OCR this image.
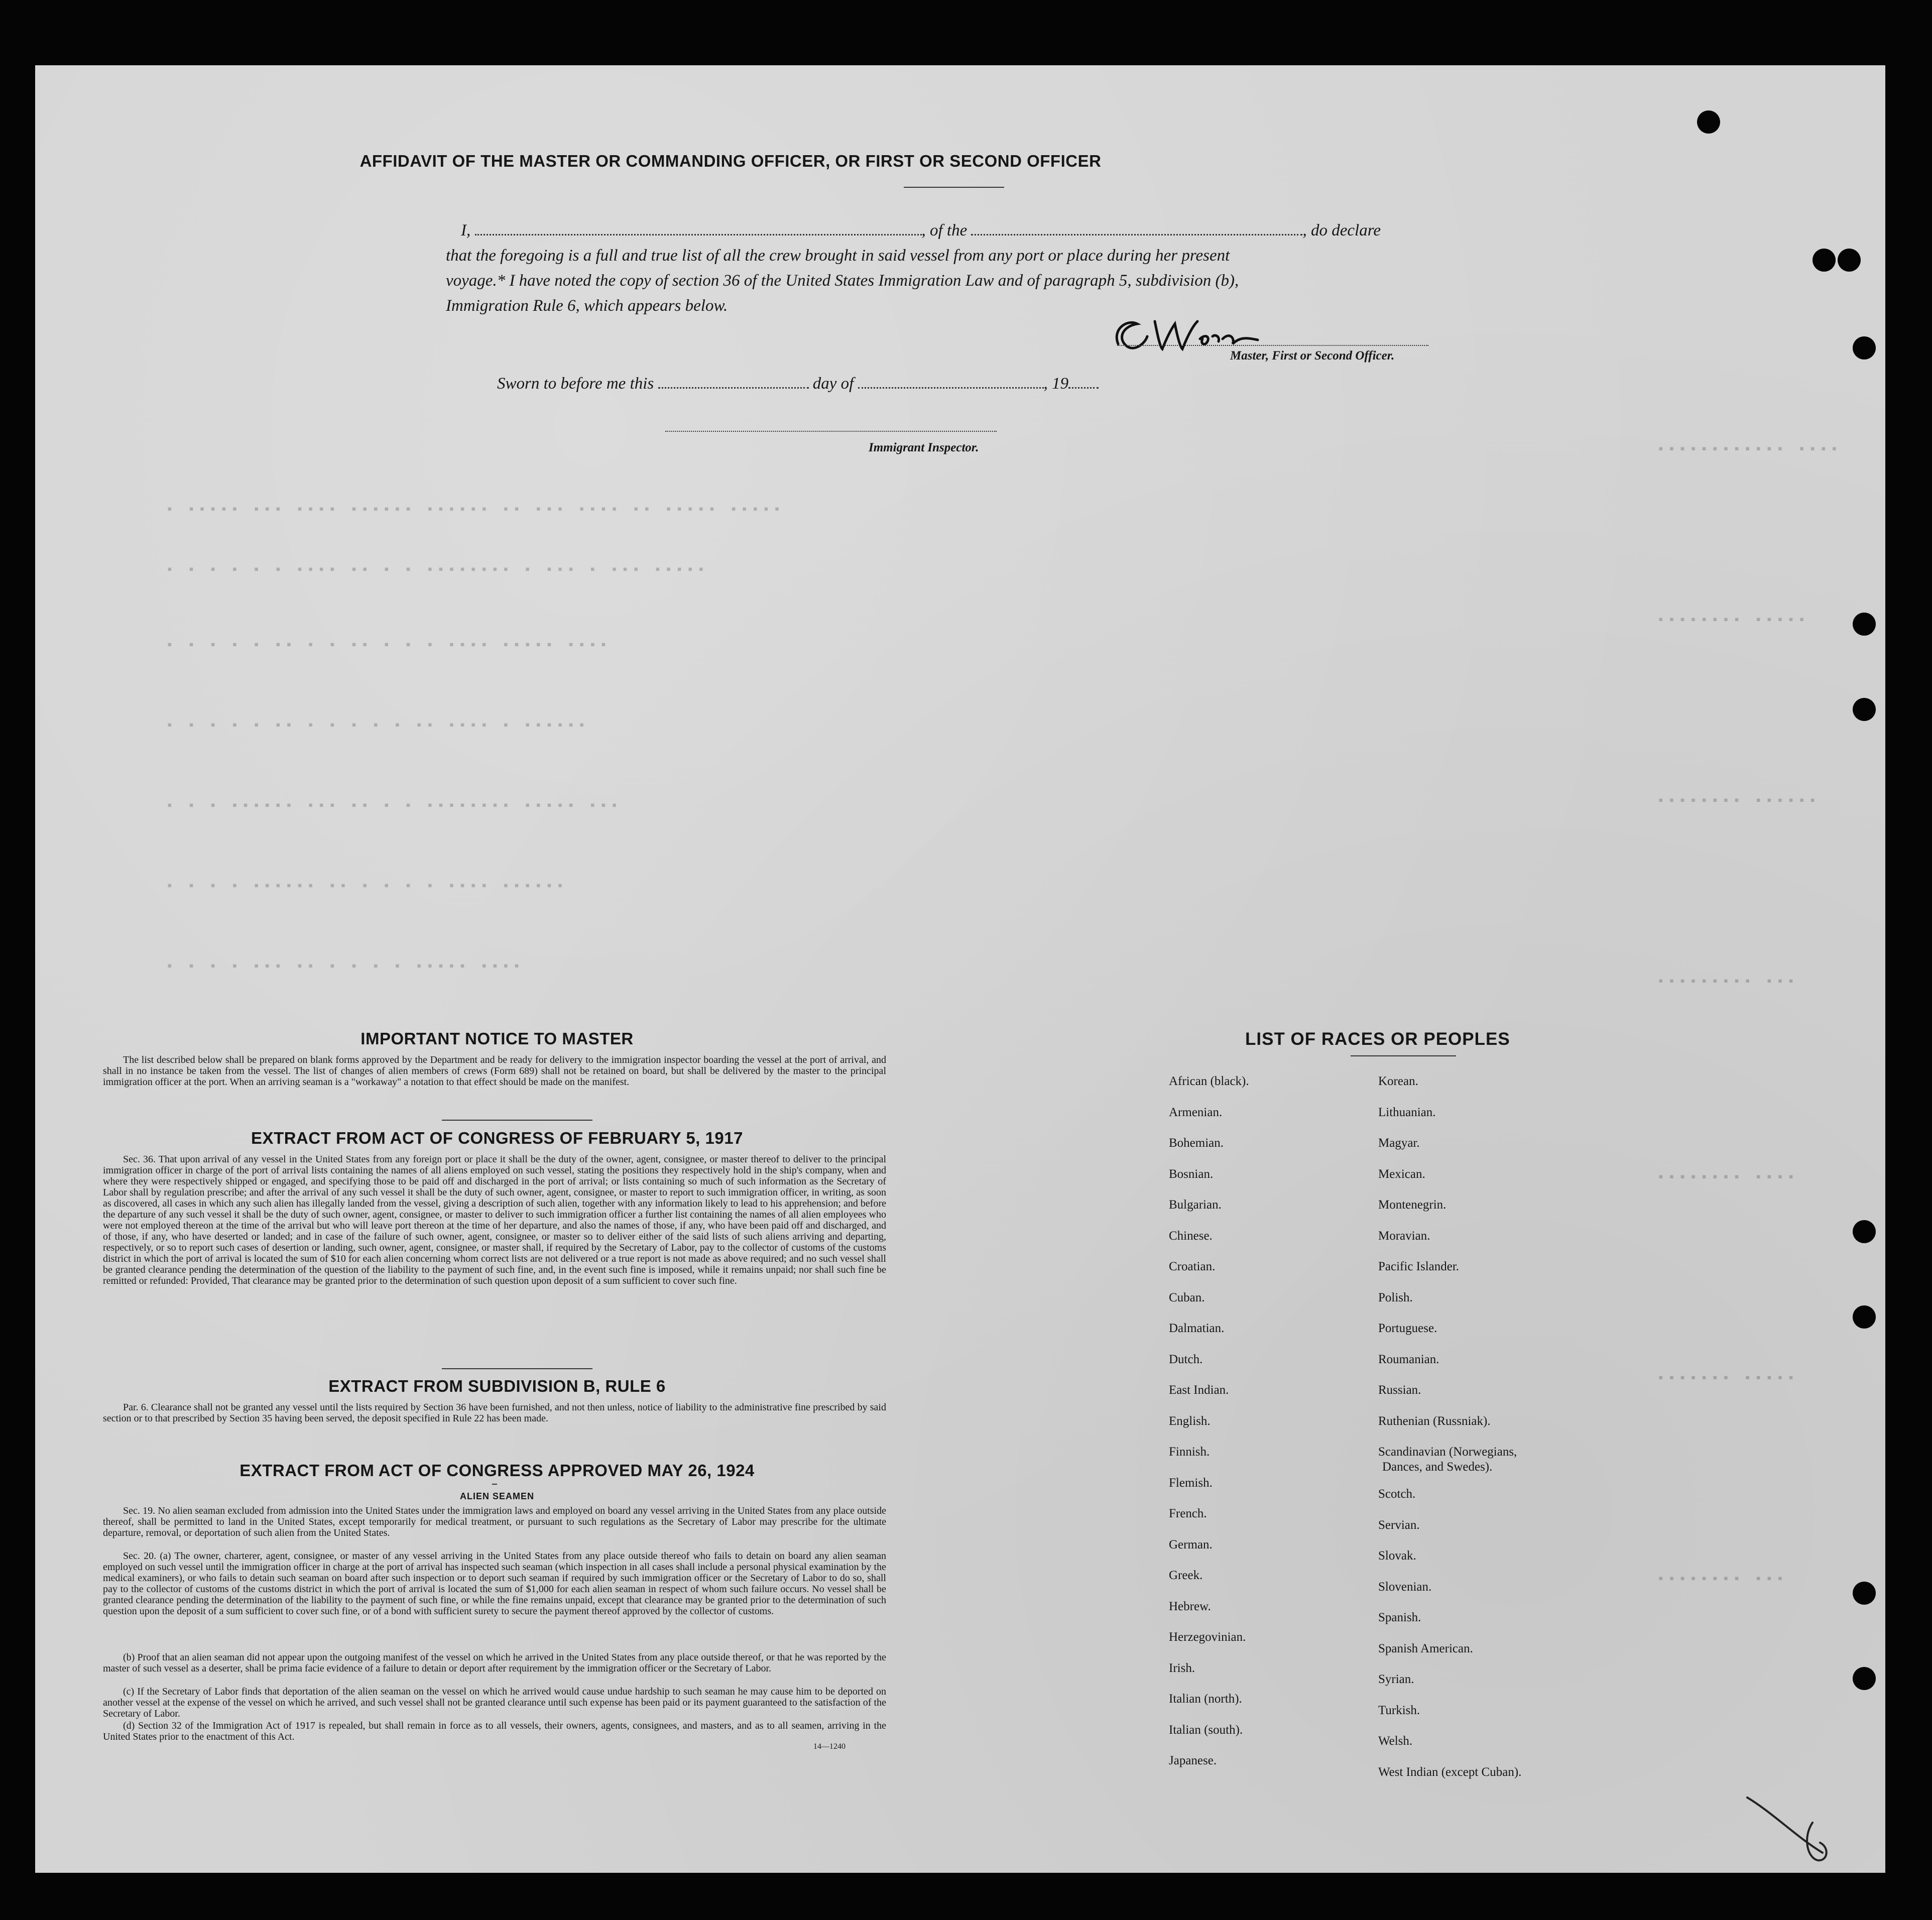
▪ ▪▪▪▪▪ ▪▪▪ ▪▪▪▪ ▪▪▪▪▪▪ ▪▪▪▪▪▪ ▪▪ ▪▪▪ ▪▪▪▪ ▪▪ ▪▪▪▪▪ ▪▪▪▪▪
▪ ▪ ▪ ▪ ▪ ▪ ▪▪▪▪ ▪▪ ▪ ▪ ▪▪▪▪▪▪▪▪ ▪ ▪▪▪ ▪ ▪▪▪ ▪▪▪▪▪
▪ ▪ ▪ ▪ ▪ ▪▪ ▪ ▪ ▪▪ ▪ ▪ ▪ ▪▪▪▪ ▪▪▪▪▪ ▪▪▪▪
▪ ▪ ▪ ▪ ▪ ▪▪ ▪ ▪ ▪ ▪ ▪ ▪▪ ▪▪▪▪ ▪ ▪▪▪▪▪▪
▪ ▪ ▪ ▪▪▪▪▪▪ ▪▪▪ ▪▪ ▪ ▪ ▪▪▪▪▪▪▪▪ ▪▪▪▪▪ ▪▪▪
▪ ▪ ▪ ▪ ▪▪▪▪▪▪ ▪▪ ▪ ▪ ▪ ▪ ▪▪▪▪ ▪▪▪▪▪▪
▪ ▪ ▪ ▪ ▪▪▪ ▪▪ ▪ ▪ ▪ ▪ ▪▪▪▪▪ ▪▪▪▪
▪▪▪▪▪▪▪▪▪▪▪▪ ▪▪▪▪
▪▪▪▪▪▪▪▪ ▪▪▪▪▪
▪▪▪▪▪▪▪▪ ▪▪▪▪▪▪
▪▪▪▪▪▪▪▪▪ ▪▪▪
▪▪▪▪▪▪▪▪ ▪▪▪▪
▪▪▪▪▪▪▪ ▪▪▪▪▪
▪▪▪▪▪▪▪▪ ▪▪▪
AFFIDAVIT OF THE MASTER OR COMMANDING OFFICER, OR FIRST OR SECOND OFFICER
I,	, of the	, do declare
that the foregoing is a full and true list of all the crew brought in said vessel from any port or place during her present
voyage.* I have noted the copy of section 36 of the United States Immigration Law and of paragraph 5, subdivision (b),
Immigration Rule 6, which appears below.
Master, First or Second Officer.
Sworn to before me this	day of	, 19
Immigrant Inspector.
IMPORTANT NOTICE TO MASTER
The list described below shall be prepared on blank forms approved by the Department and be ready for delivery to the immigration inspector boarding the vessel at the port of arrival, and shall in no instance be taken from the vessel. The list of changes of alien members of crews (Form 689) shall not be retained on board, but shall be delivered by the master to the principal immigration officer at the port. When an arriving seaman is a "workaway" a notation to that effect should be made on the manifest.
EXTRACT FROM ACT OF CONGRESS OF FEBRUARY 5, 1917
Sec. 36. That upon arrival of any vessel in the United States from any foreign port or place it shall be the duty of the owner, agent, consignee, or master thereof to deliver to the principal immigration officer in charge of the port of arrival lists containing the names of all aliens employed on such vessel, stating the positions they respectively hold in the ship's company, when and where they were respectively shipped or engaged, and specifying those to be paid off and discharged in the port of arrival; or lists containing so much of such information as the Secretary of Labor shall by regulation prescribe; and after the arrival of any such vessel it shall be the duty of such owner, agent, consignee, or master to report to such immigration officer, in writing, as soon as discovered, all cases in which any such alien has illegally landed from the vessel, giving a description of such alien, together with any information likely to lead to his apprehension; and before the departure of any such vessel it shall be the duty of such owner, agent, consignee, or master to deliver to such immigration officer a further list containing the names of all alien employees who were not employed thereon at the time of the arrival but who will leave port thereon at the time of her departure, and also the names of those, if any, who have been paid off and discharged, and of those, if any, who have deserted or landed; and in case of the failure of such owner, agent, consignee, or master so to deliver either of the said lists of such aliens arriving and departing, respectively, or so to report such cases of desertion or landing, such owner, agent, consignee, or master shall, if required by the Secretary of Labor, pay to the collector of customs of the customs district in which the port of arrival is located the sum of $10 for each alien concerning whom correct lists are not delivered or a true report is not made as above required; and no such vessel shall be granted clearance pending the determination of the question of the liability to the payment of such fine, and, in the event such fine is imposed, while it remains unpaid; nor shall such fine be remitted or refunded: Provided, That clearance may be granted prior to the determination of such question upon deposit of a sum sufficient to cover such fine.
EXTRACT FROM SUBDIVISION B, RULE 6
Par. 6. Clearance shall not be granted any vessel until the lists required by Section 36 have been furnished, and not then unless, notice of liability to the administrative fine prescribed by said section or to that prescribed by Section 35 having been served, the deposit specified in Rule 22 has been made.
EXTRACT FROM ACT OF CONGRESS APPROVED MAY 26, 1924
ALIEN SEAMEN
Sec. 19. No alien seaman excluded from admission into the United States under the immigration laws and employed on board any vessel arriving in the United States from any place outside thereof, shall be permitted to land in the United States, except temporarily for medical treatment, or pursuant to such regulations as the Secretary of Labor may prescribe for the ultimate departure, removal, or deportation of such alien from the United States.
Sec. 20. (a) The owner, charterer, agent, consignee, or master of any vessel arriving in the United States from any place outside thereof who fails to detain on board any alien seaman employed on such vessel until the immigration officer in charge at the port of arrival has inspected such seaman (which inspection in all cases shall include a personal physical examination by the medical examiners), or who fails to detain such seaman on board after such inspection or to deport such seaman if required by such immigration officer or the Secretary of Labor to do so, shall pay to the collector of customs of the customs district in which the port of arrival is located the sum of $1,000 for each alien seaman in respect of whom such failure occurs. No vessel shall be granted clearance pending the determination of the liability to the payment of such fine, or while the fine remains unpaid, except that clearance may be granted prior to the determination of such question upon the deposit of a sum sufficient to cover such fine, or of a bond with sufficient surety to secure the payment thereof approved by the collector of customs.
(b) Proof that an alien seaman did not appear upon the outgoing manifest of the vessel on which he arrived in the United States from any place outside thereof, or that he was reported by the master of such vessel as a deserter, shall be prima facie evidence of a failure to detain or deport after requirement by the immigration officer or the Secretary of Labor.
(c) If the Secretary of Labor finds that deportation of the alien seaman on the vessel on which he arrived would cause undue hardship to such seaman he may cause him to be deported on another vessel at the expense of the vessel on which he arrived, and such vessel shall not be granted clearance until such expense has been paid or its payment guaranteed to the satisfaction of the Secretary of Labor.
(d) Section 32 of the Immigration Act of 1917 is repealed, but shall remain in force as to all vessels, their owners, agents, consignees, and masters, and as to all seamen, arriving in the United States prior to the enactment of this Act.
14—1240
LIST OF RACES OR PEOPLES
African (black).
Armenian.
Bohemian.
Bosnian.
Bulgarian.
Chinese.
Croatian.
Cuban.
Dalmatian.
Dutch.
East Indian.
English.
Finnish.
Flemish.
French.
German.
Greek.
Hebrew.
Herzegovinian.
Irish.
Italian (north).
Italian (south).
Japanese.
Korean.
Lithuanian.
Magyar.
Mexican.
Montenegrin.
Moravian.
Pacific Islander.
Polish.
Portuguese.
Roumanian.
Russian.
Ruthenian (Russniak).
Scandinavian (Norwegians,
Dances, and Swedes).
Scotch.
Servian.
Slovak.
Slovenian.
Spanish.
Spanish American.
Syrian.
Turkish.
Welsh.
West Indian (except Cuban).
